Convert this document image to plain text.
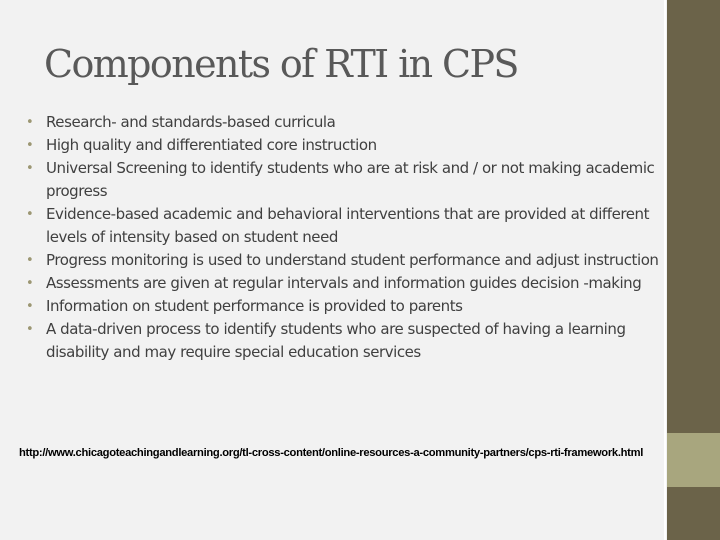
Components of RTI in CPS
• Research- and standards-based curricula
• High quality and differentiated core instruction
• Universal Screening to identify students who are at risk and / or not making academic progress
• Evidence-based academic and behavioral interventions that are provided at different levels of intensity based on student need
• Progress monitoring is used to understand student performance and adjust instruction
• Assessments are given at regular intervals and information guides decision -making
• Information on student performance is provided to parents
• A data-driven process to identify students who are suspected of having a learning disability and may require special education services
http://www.chicagoteachingandlearning.org/tl-cross-content/online-resources-a-community-partners/cps-rti-framework.html
